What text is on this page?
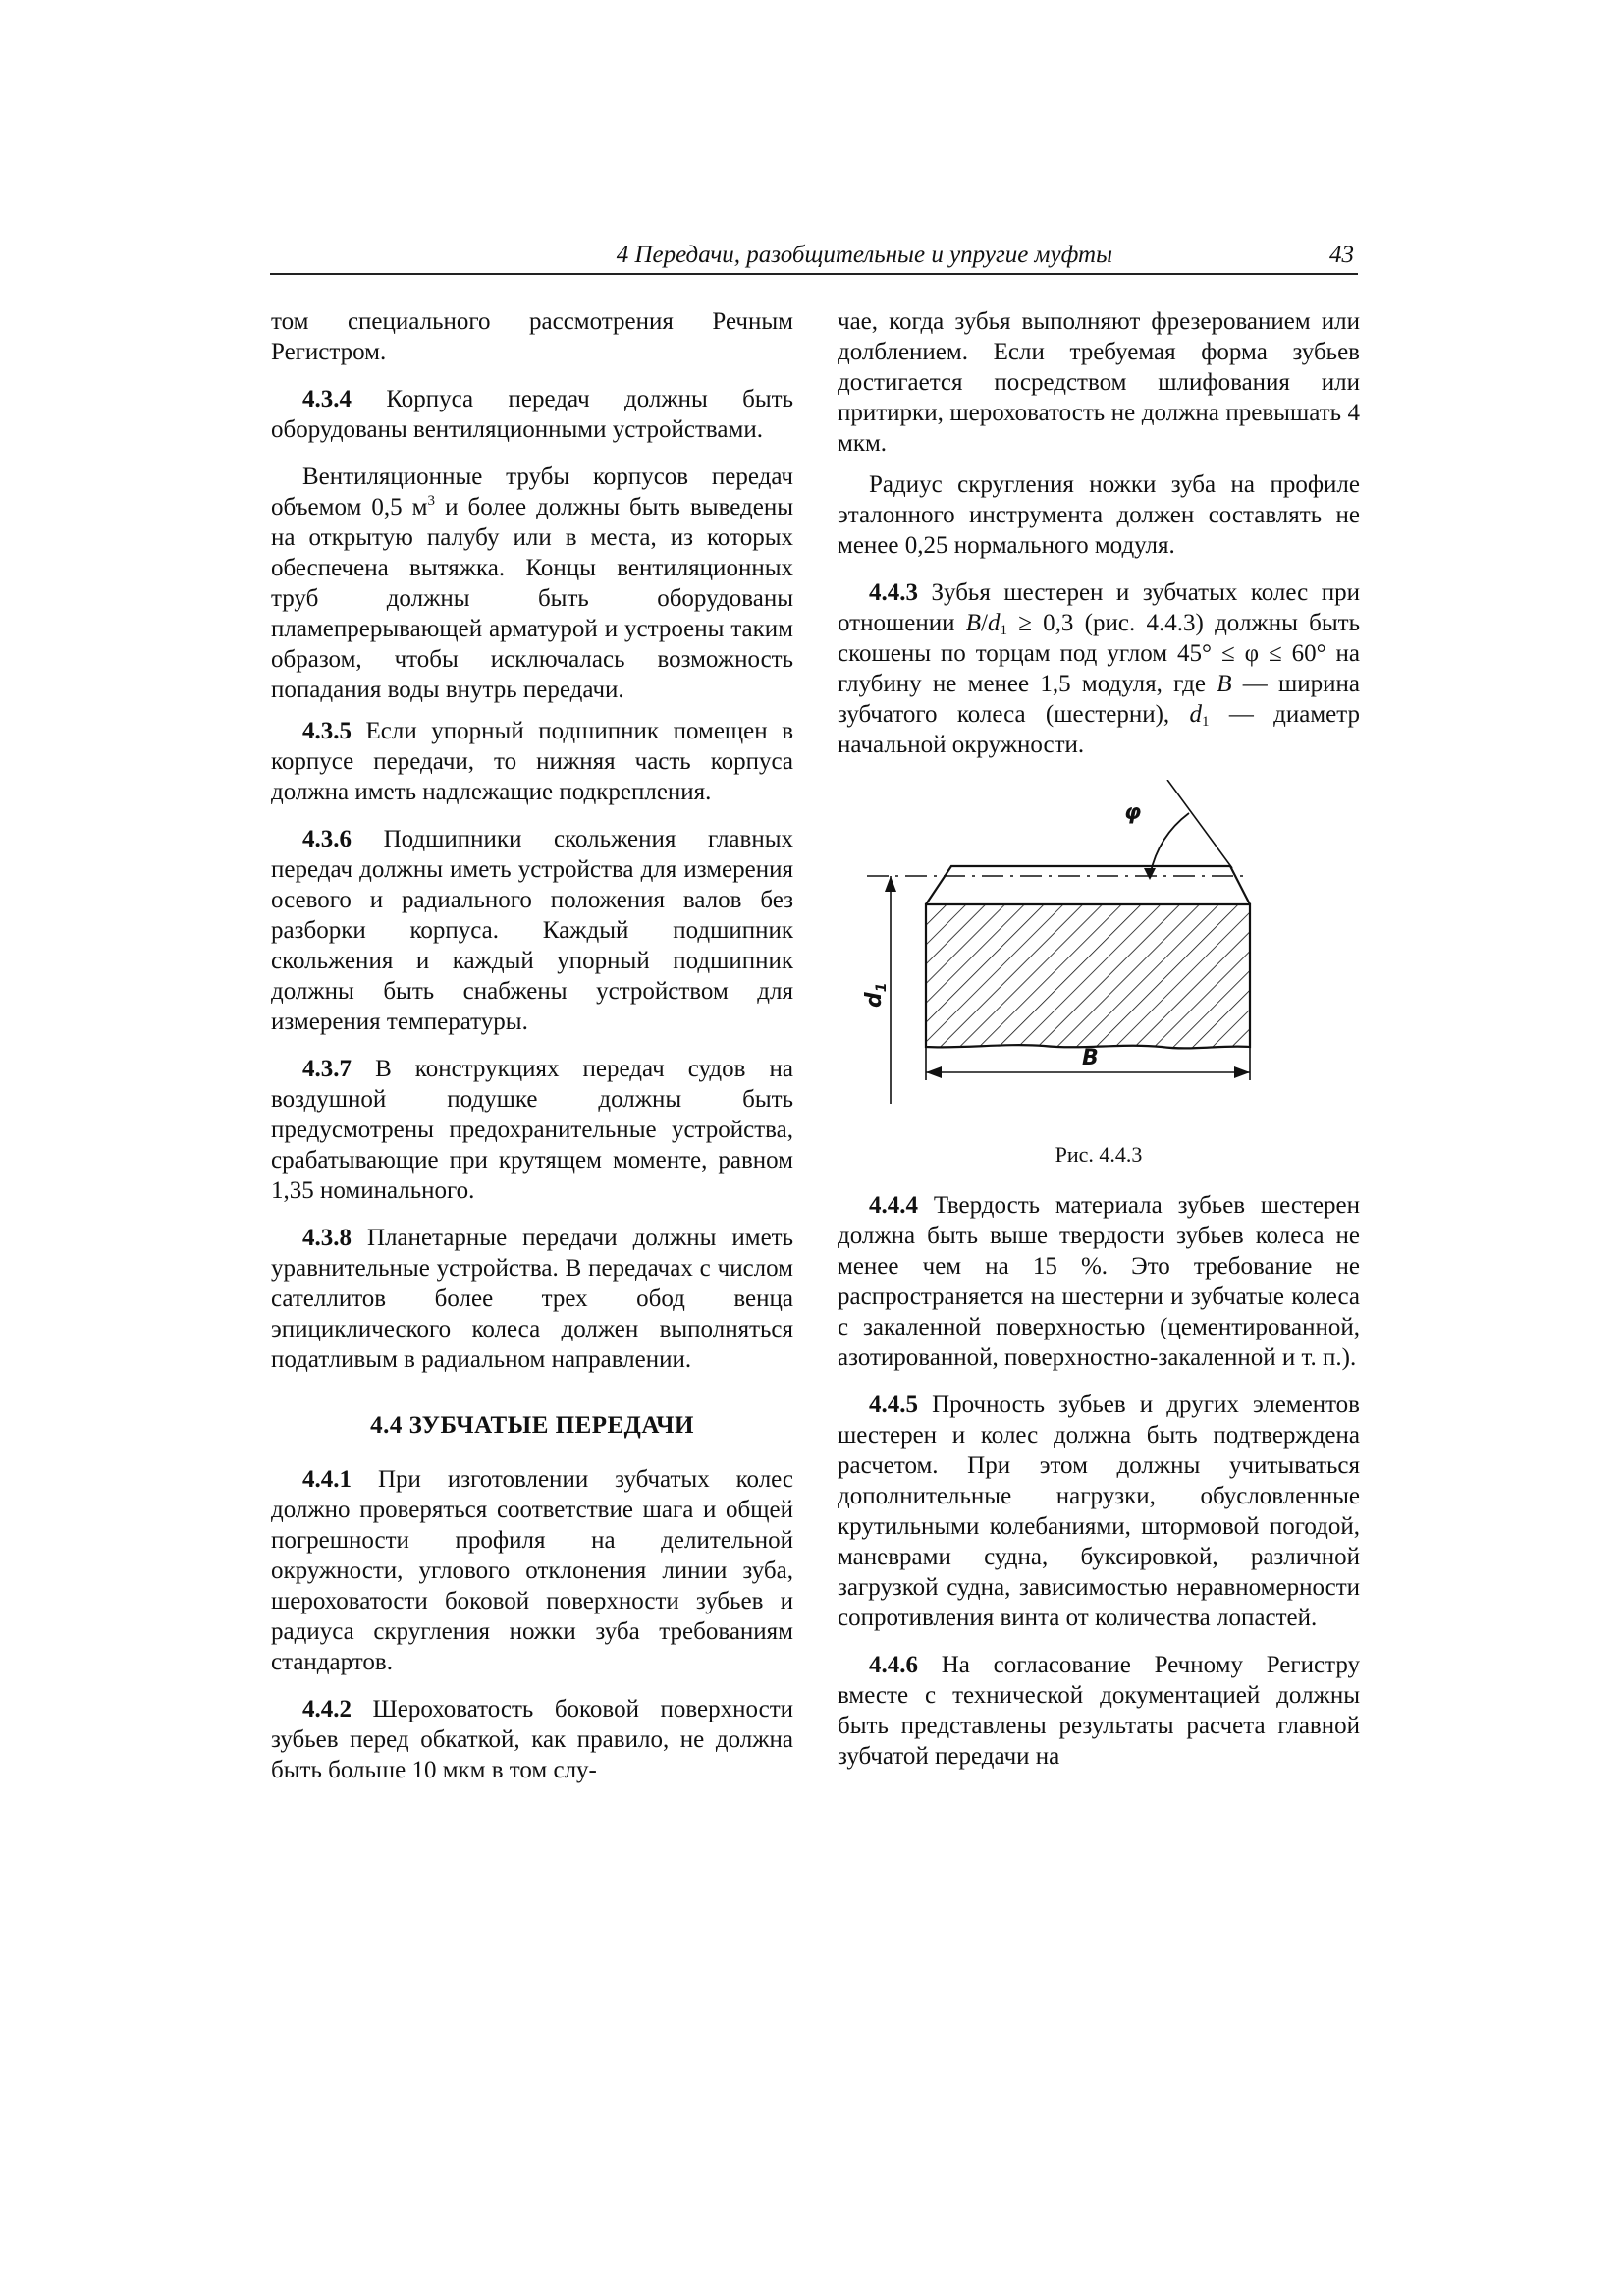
4 Передачи, разобщительные и упругие муфты	43

том специального рассмотрения Речным Регистром.

4.3.4 Корпуса передач должны быть оборудованы вентиляционными устройствами.

Вентиляционные трубы корпусов передач объемом 0,5 $м^3$ и более должны быть выведены на открытую палубу или в места, из которых обеспечена вытяжка. Концы вентиляционных труб должны быть оборудованы пламепрерывающей арматурой и устроены таким образом, чтобы исключалась возможность попадания воды внутрь передачи.

4.3.5 Если упорный подшипник помещен в корпусе передачи, то нижняя часть корпуса должна иметь надлежащие подкрепления.

4.3.6 Подшипники скольжения главных передач должны иметь устройства для измерения осевого и радиального положения валов без разборки корпуса. Каждый подшипник скольжения и каждый упорный подшипник должны быть снабжены устройством для измерения температуры.

4.3.7 В конструкциях передач судов на воздушной подушке должны быть предусмотрены предохранительные устройства, срабатывающие при крутящем моменте, равном 1,35 номинального.

4.3.8 Планетарные передачи должны иметь уравнительные устройства. В передачах с числом сателлитов более трех обод венца эпициклического колеса должен выполняться податливым в радиальном направлении.

4.4 ЗУБЧАТЫЕ ПЕРЕДАЧИ

4.4.1 При изготовлении зубчатых колес должно проверяться соответствие шага и общей погрешности профиля на делительной окружности, углового отклонения линии зуба, шероховатости боковой поверхности зубьев и радиуса скругления ножки зуба требованиям стандартов.

4.4.2 Шероховатость боковой поверхности зубьев перед обкаткой, как правило, не должна быть больше 10 мкм в том слу-

чае, когда зубья выполняют фрезерованием или долблением. Если требуемая форма зубьев достигается посредством шлифования или притирки, шероховатость не должна превышать 4 мкм.

Радиус скругления ножки зуба на профиле эталонного инструмента должен составлять не менее 0,25 нормального модуля.

4.4.3 Зубья шестерен и зубчатых колес при отношении $B/d_1 \ge 0,3$ (рис. 4.4.3) должны быть скошены по торцам под углом 45° ≤ φ ≤ 60° на глубину не менее 1,5 модуля, где B — ширина зубчатого колеса (шестерни), $d_1$ — диаметр начальной окружности.

φ
B
$d_1$
Рис. 4.4.3

4.4.4 Твердость материала зубьев шестерен должна быть выше твердости зубьев колеса не менее чем на 15 %. Это требование не распространяется на шестерни и зубчатые колеса с закаленной поверхностью (цементированной, азотированной, поверхностно-закаленной и т. п.).

4.4.5 Прочность зубьев и других элементов шестерен и колес должна быть подтверждена расчетом. При этом должны учитываться дополнительные нагрузки, обусловленные крутильными колебаниями, штормовой погодой, маневрами судна, буксировкой, различной загрузкой судна, зависимостью неравномерности сопротивления винта от количества лопастей.

4.4.6 На согласование Речному Регистру вместе с технической документацией должны быть представлены результаты расчета главной зубчатой передачи на
